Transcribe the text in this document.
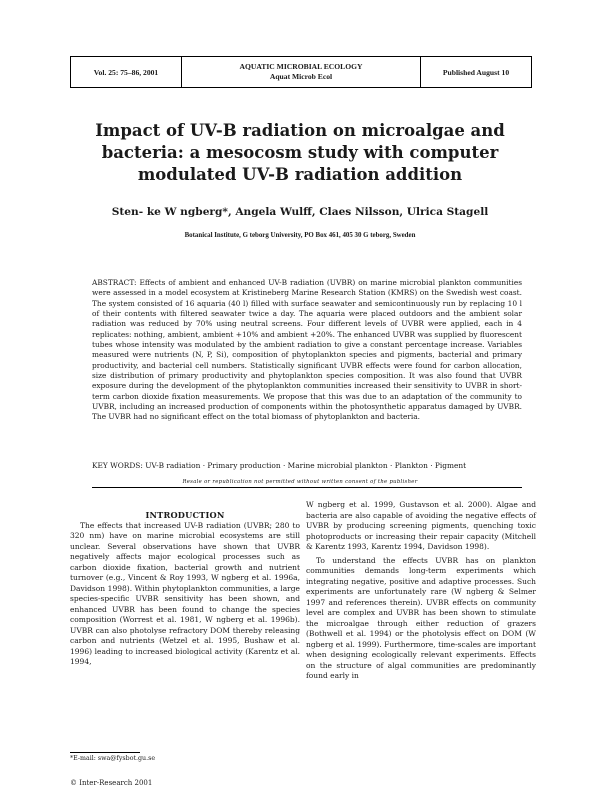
Vol. 25: 75–86, 2001
AQUATIC MICROBIAL ECOLOGY
Aquat Microb Ecol	Published August 10
Impact of UV-B radiation on microalgae and bacteria: a mesocosm study with computer modulated UV-B radiation addition
Sten- ke W ngberg*, Angela Wulff, Claes Nilsson, Ulrica Stagell
Botanical Institute, G teborg University, PO Box 461, 405 30 G teborg, Sweden

ABSTRACT: Effects of ambient and enhanced UV-B radiation (UVBR) on marine microbial plankton communities were assessed in a model ecosystem at Kristineberg Marine Research Station (KMRS) on the Swedish west coast. The system consisted of 16 aquaria (40 l) filled with surface seawater and semicontinuously run by replacing 10 l of their contents with filtered seawater twice a day. The aquaria were placed outdoors and the ambient solar radiation was reduced by 70% using neutral screens. Four different levels of UVBR were applied, each in 4 replicates: nothing, ambient, ambient +10% and ambient +20%. The enhanced UVBR was supplied by fluorescent tubes whose intensity was modulated by the ambient radiation to give a constant percentage increase. Variables measured were nutrients (N, P, Si), composition of phytoplankton species and pigments, bacterial and primary productivity, and bacterial cell numbers. Statistically significant UVBR effects were found for carbon allocation, size distribution of primary productivity and phytoplankton species composition. It was also found that UVBR exposure during the development of the phytoplankton communities increased their sensitivity to UVBR in short-term carbon dioxide fixation measurements. We propose that this was due to an adaptation of the community to UVBR, including an increased production of components within the photosynthetic apparatus damaged by UVBR. The UVBR had no significant effect on the total biomass of phytoplankton and bacteria.

KEY WORDS: UV-B radiation · Primary production · Marine microbial plankton · Plankton · Pigment

Resale or republication not permitted without written consent of the publisher

INTRODUCTION

The effects that increased UV-B radiation (UVBR; 280 to 320 nm) have on marine microbial ecosystems are still unclear. Several observations have shown that UVBR negatively affects major ecological processes such as carbon dioxide fixation, bacterial growth and nutrient turnover (e.g., Vincent & Roy 1993, W ngberg et al. 1996a, Davidson 1998). Within phytoplankton communities, a large species-specific UVBR sensitivity has been shown, and enhanced UVBR has been found to change the species composition (Worrest et al. 1981, W ngberg et al. 1996b). UVBR can also photolyse refractory DOM thereby releasing carbon and nutrients (Wetzel et al. 1995, Bushaw et al. 1996) leading to increased biological activity (Karentz et al. 1994,

W ngberg et al. 1999, Gustavson et al. 2000). Algae and bacteria are also capable of avoiding the negative effects of UVBR by producing screening pigments, quenching toxic photoproducts or increasing their repair capacity (Mitchell & Karentz 1993, Karentz 1994, Davidson 1998).

To understand the effects UVBR has on plankton communities demands long-term experiments which integrating negative, positive and adaptive processes. Such experiments are unfortunately rare (W ngberg & Selmer 1997 and references therein). UVBR effects on community level are complex and UVBR has been shown to stimulate the microalgae through either reduction of grazers (Bothwell et al. 1994) or the photolysis effect on DOM (W ngberg et al. 1999). Furthermore, time-scales are important when designing ecologically relevant experiments. Effects on the structure of algal communities are predominantly found early in

*E-mail: swa@fysbot.gu.se
© Inter-Research 2001
